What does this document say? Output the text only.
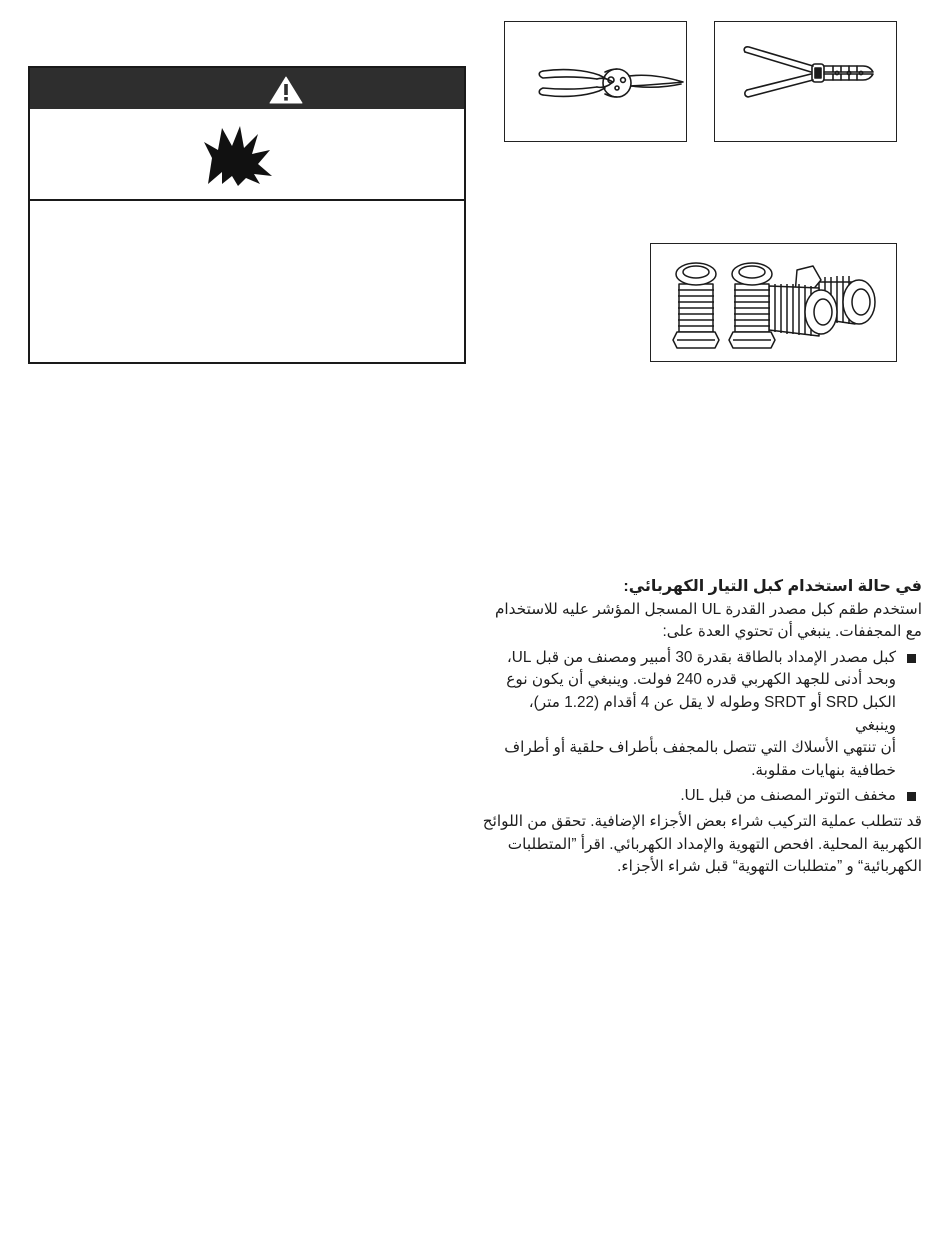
في حالة استخدام كبل التيار الكهربائي:

استخدم طقم كبل مصدر القدرة UL المسجل المؤشر عليه للاستخدام

مع المجففات. ينبغي أن تحتوي العدة على:

كبل مصدر الإمداد بالطاقة بقدرة 30 أمبير ومصنف من قبل UL،
وبحد أدنى للجهد الكهربي قدره 240 فولت. وينبغي أن يكون نوع
الكبل SRD أو SRDT وطوله لا يقل عن 4 أقدام (1.22 متر)، وينبغي
أن تنتهي الأسلاك التي تتصل بالمجفف بأطراف حلقية أو أطراف
خطافية بنهايات مقلوبة.
مخفف التوتر المصنف من قبل UL.

قد تتطلب عملية التركيب شراء بعض الأجزاء الإضافية. تحقق من اللوائح

الكهربية المحلية. افحص التهوية والإمداد الكهربائي. اقرأ ”المتطلبات

الكهربائية“ و ”متطلبات التهوية“ قبل شراء الأجزاء.
